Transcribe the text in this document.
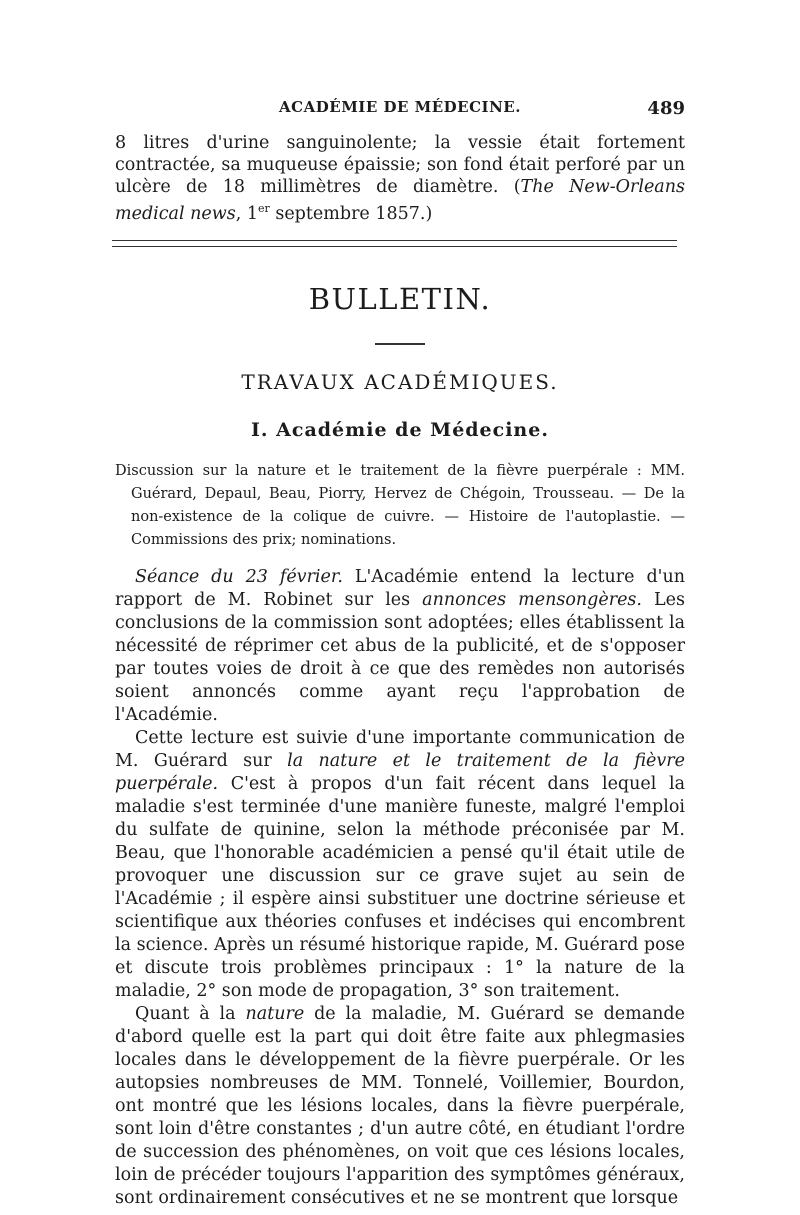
ACADÉMIE DE MÉDECINE.	489

8 litres d'urine sanguinolente; la vessie était fortement contractée, sa muqueuse épaissie; son fond était perforé par un ulcère de 18 millimètres de diamètre. (The New-Orleans medical news, 1er septembre 1857.)

BULLETIN.
TRAVAUX ACADÉMIQUES.
I. Académie de Médecine.

Discussion sur la nature et le traitement de la fièvre puerpérale : MM. Guérard, Depaul, Beau, Piorry, Hervez de Chégoin, Trousseau. — De la non-existence de la colique de cuivre. — Histoire de l'autoplastie. — Commissions des prix; nominations.

Séance du 23 février. L'Académie entend la lecture d'un rapport de M. Robinet sur les annonces mensongères. Les conclusions de la commission sont adoptées; elles établissent la nécessité de réprimer cet abus de la publicité, et de s'opposer par toutes voies de droit à ce que des remèdes non autorisés soient annoncés comme ayant reçu l'approbation de l'Académie.

Cette lecture est suivie d'une importante communication de M. Guérard sur la nature et le traitement de la fièvre puerpérale. C'est à propos d'un fait récent dans lequel la maladie s'est terminée d'une manière funeste, malgré l'emploi du sulfate de quinine, selon la méthode préconisée par M. Beau, que l'honorable académicien a pensé qu'il était utile de provoquer une discussion sur ce grave sujet au sein de l'Académie ; il espère ainsi substituer une doctrine sérieuse et scientifique aux théories confuses et indécises qui encombrent la science. Après un résumé historique rapide, M. Guérard pose et discute trois problèmes principaux : 1° la nature de la maladie, 2° son mode de propagation, 3° son traitement.

Quant à la nature de la maladie, M. Guérard se demande d'abord quelle est la part qui doit être faite aux phlegmasies locales dans le développement de la fièvre puerpérale. Or les autopsies nombreuses de MM. Tonnelé, Voillemier, Bourdon, ont montré que les lésions locales, dans la fièvre puerpérale, sont loin d'être constantes ; d'un autre côté, en étudiant l'ordre de succession des phénomènes, on voit que ces lésions locales, loin de précéder toujours l'apparition des symptômes généraux, sont ordinairement consécutives et ne se montrent que lorsque
